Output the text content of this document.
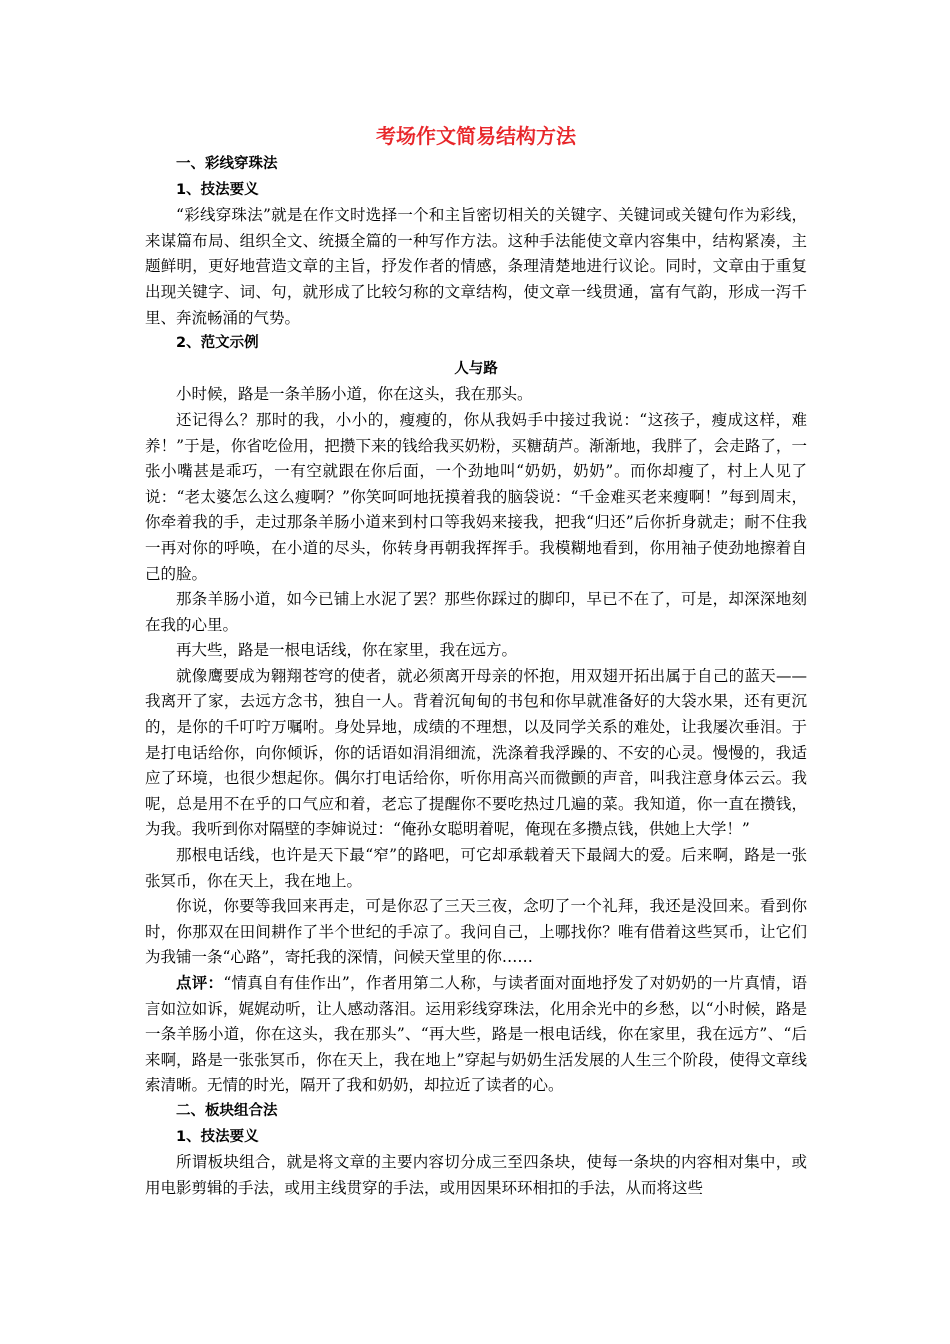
考场作文简易结构方法

一、彩线穿珠法

1、技法要义

“彩线穿珠法”就是在作文时选择一个和主旨密切相关的关键字、关键词或关键句作为彩线，来谋篇布局、组织全文、统摄全篇的一种写作方法。这种手法能使文章内容集中，结构紧凑，主题鲜明，更好地营造文章的主旨，抒发作者的情感，条理清楚地进行议论。同时，文章由于重复出现关键字、词、句，就形成了比较匀称的文章结构，使文章一线贯通，富有气韵，形成一泻千里、奔流畅涌的气势。

2、范文示例

人与路

小时候，路是一条羊肠小道，你在这头，我在那头。

还记得么？那时的我，小小的，瘦瘦的，你从我妈手中接过我说：“这孩子，瘦成这样，难养！”于是，你省吃俭用，把攒下来的钱给我买奶粉，买糖葫芦。渐渐地，我胖了，会走路了，一张小嘴甚是乖巧，一有空就跟在你后面，一个劲地叫“奶奶，奶奶”。而你却瘦了，村上人见了说：“老太婆怎么这么瘦啊？”你笑呵呵地抚摸着我的脑袋说：“千金难买老来瘦啊！”每到周末，你牵着我的手，走过那条羊肠小道来到村口等我妈来接我，把我“归还”后你折身就走；耐不住我一再对你的呼唤，在小道的尽头，你转身再朝我挥挥手。我模糊地看到，你用袖子使劲地擦着自己的脸。

那条羊肠小道，如今已铺上水泥了罢？那些你踩过的脚印，早已不在了，可是，却深深地刻在我的心里。

再大些，路是一根电话线，你在家里，我在远方。

就像鹰要成为翱翔苍穹的使者，就必须离开母亲的怀抱，用双翅开拓出属于自己的蓝天——我离开了家，去远方念书，独自一人。背着沉甸甸的书包和你早就准备好的大袋水果，还有更沉的，是你的千叮咛万嘱咐。身处异地，成绩的不理想，以及同学关系的难处，让我屡次垂泪。于是打电话给你，向你倾诉，你的话语如涓涓细流，洗涤着我浮躁的、不安的心灵。慢慢的，我适应了环境，也很少想起你。偶尔打电话给你，听你用高兴而微颤的声音，叫我注意身体云云。我呢，总是用不在乎的口气应和着，老忘了提醒你不要吃热过几遍的菜。我知道，你一直在攒钱，为我。我听到你对隔壁的李婶说过：“俺孙女聪明着呢，俺现在多攒点钱，供她上大学！”

那根电话线，也许是天下最“窄”的路吧，可它却承载着天下最阔大的爱。后来啊，路是一张张冥币，你在天上，我在地上。

你说，你要等我回来再走，可是你忍了三天三夜，念叨了一个礼拜，我还是没回来。看到你时，你那双在田间耕作了半个世纪的手凉了。我问自己，上哪找你？唯有借着这些冥币，让它们为我铺一条“心路”，寄托我的深情，问候天堂里的你……

点评：“情真自有佳作出”，作者用第二人称，与读者面对面地抒发了对奶奶的一片真情，语言如泣如诉，娓娓动听，让人感动落泪。运用彩线穿珠法，化用余光中的乡愁，以“小时候，路是一条羊肠小道，你在这头，我在那头”、“再大些，路是一根电话线，你在家里，我在远方”、“后来啊，路是一张张冥币，你在天上，我在地上”穿起与奶奶生活发展的人生三个阶段，使得文章线索清晰。无情的时光，隔开了我和奶奶，却拉近了读者的心。

二、板块组合法

1、技法要义

所谓板块组合，就是将文章的主要内容切分成三至四条块，使每一条块的内容相对集中，或用电影剪辑的手法，或用主线贯穿的手法，或用因果环环相扣的手法，从而将这些
